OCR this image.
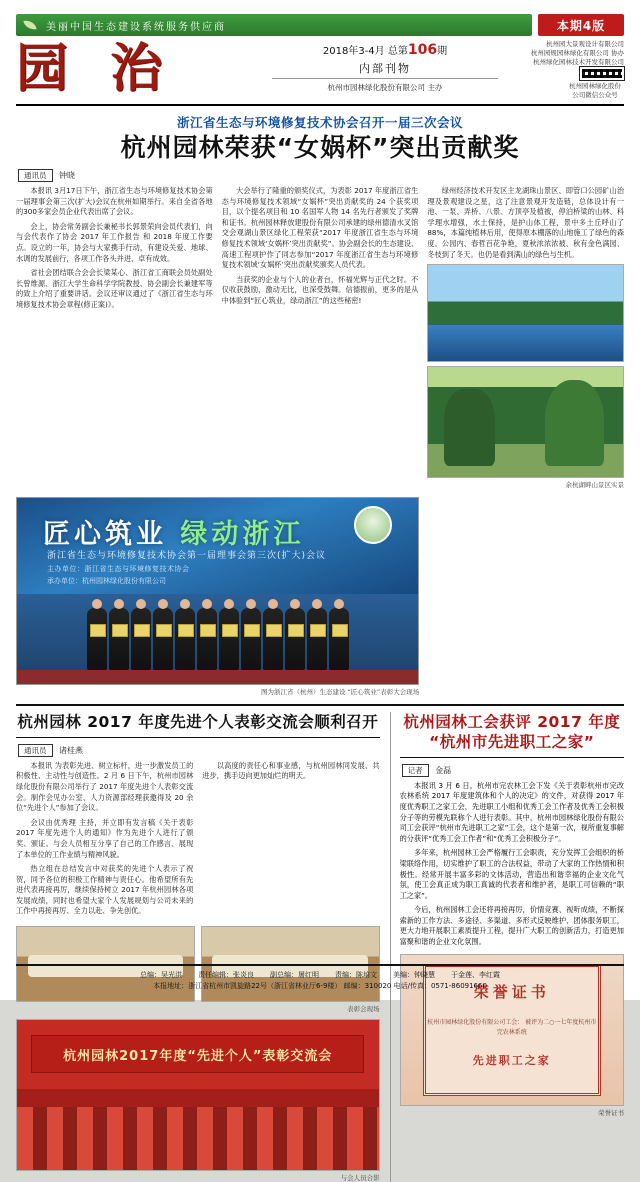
美丽中国生态建设系统服务供应商	本期4版
园 治	2018年3-4月 总第106期
内部刊物
杭州市园林绿化股份有限公司 主办
杭州园大景观设计有限公司
杭州园规园林绿化有限公司 协办
杭州绿化园林技术开发有限公司
杭州园林绿化股份公司微信公众号
浙江省生态与环境修复技术协会召开一届三次会议
杭州园林荣获“女娲杯”突出贡献奖
通讯员 钟晓

本报讯 3月17日下午，浙江省生态与环境修复技术协会第一届理事会第三次(扩大)会议在杭州如期举行。来自全省各地的300多家会员企业代表出席了会议。

会上，协会常务副会长兼秘书长郭景荣向会员代表们，向与会代表作了协会 2017 年工作报告 和 2018 年度工作要点。设立的一年，协会与大家携手行动，有建设关爱、地球、水调的发展前行，各项工作各头并进、卓有成效。

省社会团结联合会会长梁某心、浙江省工商联会员处副处长曾维源、浙江大学生命科学学院教授、协会副会长兼建军等的致上介绍了重要讲话。会议还审议通过了《浙江省生态与环境修复技术协会章程(修正案)》。

大会举行了隆重的颁奖仪式，为表彰 2017 年度浙江省生态与环境修复技术领域“女娲杯”突出贡献奖的 24 个获奖项目，以个提名项目和 10 名国军人物 14 名先行者颁发了奖牌和证书。杭州园林释放建股份有限公司承建的绿州德清水叉馆交会观湖山景区绿化工程荣获“2017 年度浙江省生态与环境修复技术领域‘女娲杯’突出贡献奖”。协会副会长的生态建设、高速工程项护作了同志参加“2017 年度浙江省生态与环境修复技术领域‘女娲杯’突出贡献奖颁奖人员代表。

当获奖的企业与个人的业者台，怀福光辉与正代之时。不仅收获鼓励，激动无比，也深受鼓舞。信德振前，更多的是从中体验到“匠心筑业，绿动浙江”的这些秘密!

绿州经济技术开发区主龙湖珠山景区、即管口公园矿山治理及景观建设之星，这了注意景观开发造链，总体设计有一池、一泵、弄桥、八景、方顶亭及植被，停泊桥梁的山林、科学理水增强，水土保持，是护山体工程，景中多土丘呼山了 88%，本篇纯植林后用，使得原本棚落的山地施工了绿色的森度。公园内、春哲百花争艳，夏秋浓浓浓被、秋有金色满园、冬枝到了冬天。也仍是看到满山的绿色与生机。

余杭湖畔山景区实景
匠心筑业 绿动浙江
浙江省生态与环境修复技术协会第一届理事会第三次(扩大)会议
主办单位：浙江省生态与环境修复技术协会
承办单位：杭州园林绿化股份有限公司
图为浙江省（杭州）生态建设 “匠心筑业”表彰大会现场
杭州园林 2017 年度先进个人表彰交流会顺利召开
通讯员 诸桂燕

本报讯 为表彰先进、树立标杆，进一步激发员工的积极性、主动性与创造性。2 月 6 日下午，杭州市园林绿化股份有限公司举行了 2017 年度先进个人表彰交流会。制作会见办公室、人力资源部经理获邀得及 20 余位“先进个人”参加了会议。

会议由优秀理 主持，并立即有发言稿《关于表彰 2017 年度先进个人的通知》作为先进个人进行了颁奖、颁证。与会人员相互分享了自己的工作感言、展现了本单位的工作业绩与精神风貌。

热立组在总结发言中对获奖的先进个人表示了祝贺，同予各位的积极工作精神与责任心。他希望所有先进代表再接再厉，继续保持树立 2017 年杭州园林各项发展成绩，同时也希望大家个人发展规划与公司未来的工作中再接再厉、全力以赴、争先创优。

以高度的责任心和事业感，与杭州园林同发展、共进步，携手迈向更加灿烂的明天。

表彰会现场
杭州园林2017年度“先进个人”表彰交流会
与会人员合影
杭州园林工会获评 2017 年度
“杭州市先进职工之家”
记者 金磊

本报讯 3 月 6 日，杭州市完农林工会下发《关于表彰杭州市完改农林系统 2017 年度建筑体和个人的决定》的文件，对获得 2017 年度优秀职工之家工会，先进职工小组和优秀工会工作者及优秀工会积极分子等的劳模先联称个人进行表彰。其中，杭州市园林绿化股份有限公司工会获评“杭州市先进职工之家”工会，这个是第一次，视所重复事解的分获评“优秀工会工作者”和“优秀工会积极分子”。

多年来，杭州园林工会严格履行工会职责，充分发挥工会组织的桥梁联络作用，切实维护了职工的合法权益，带动了大家的工作热情和积极性。经常开展丰富多彩的文体活动，营造出和谐幸福的企业文化气氛，使工会真正成为职工真诚的代表者和维护者，是职工可信赖的“职工之家”。

今后，杭州园林工会还将再接再厉，价情竞赛、视听成绩，不断探索新的工作方法、多途径、多渠道、多形式反映维护、团体服务职工，更大力地开展职工素质提升工程，提升广大职工的创新活力，打造更加富聚和谐的企业文化氛围。

荣誉证书
杭州市园林绿化股份有限公司工会： 被评为二○一七年度杭州市完农林系统
先进职工之家
荣誉证书
总编：吴光洪 责任编辑：张炎良 副总编：屠红明 责编：陈培文 美编：钟晓慧 于金莲、李红霞
本报地址：浙江省杭州市凯旋路22号（浙江省林业厅6-9楼） 邮编：310020 电话/传真：0571-86091660
